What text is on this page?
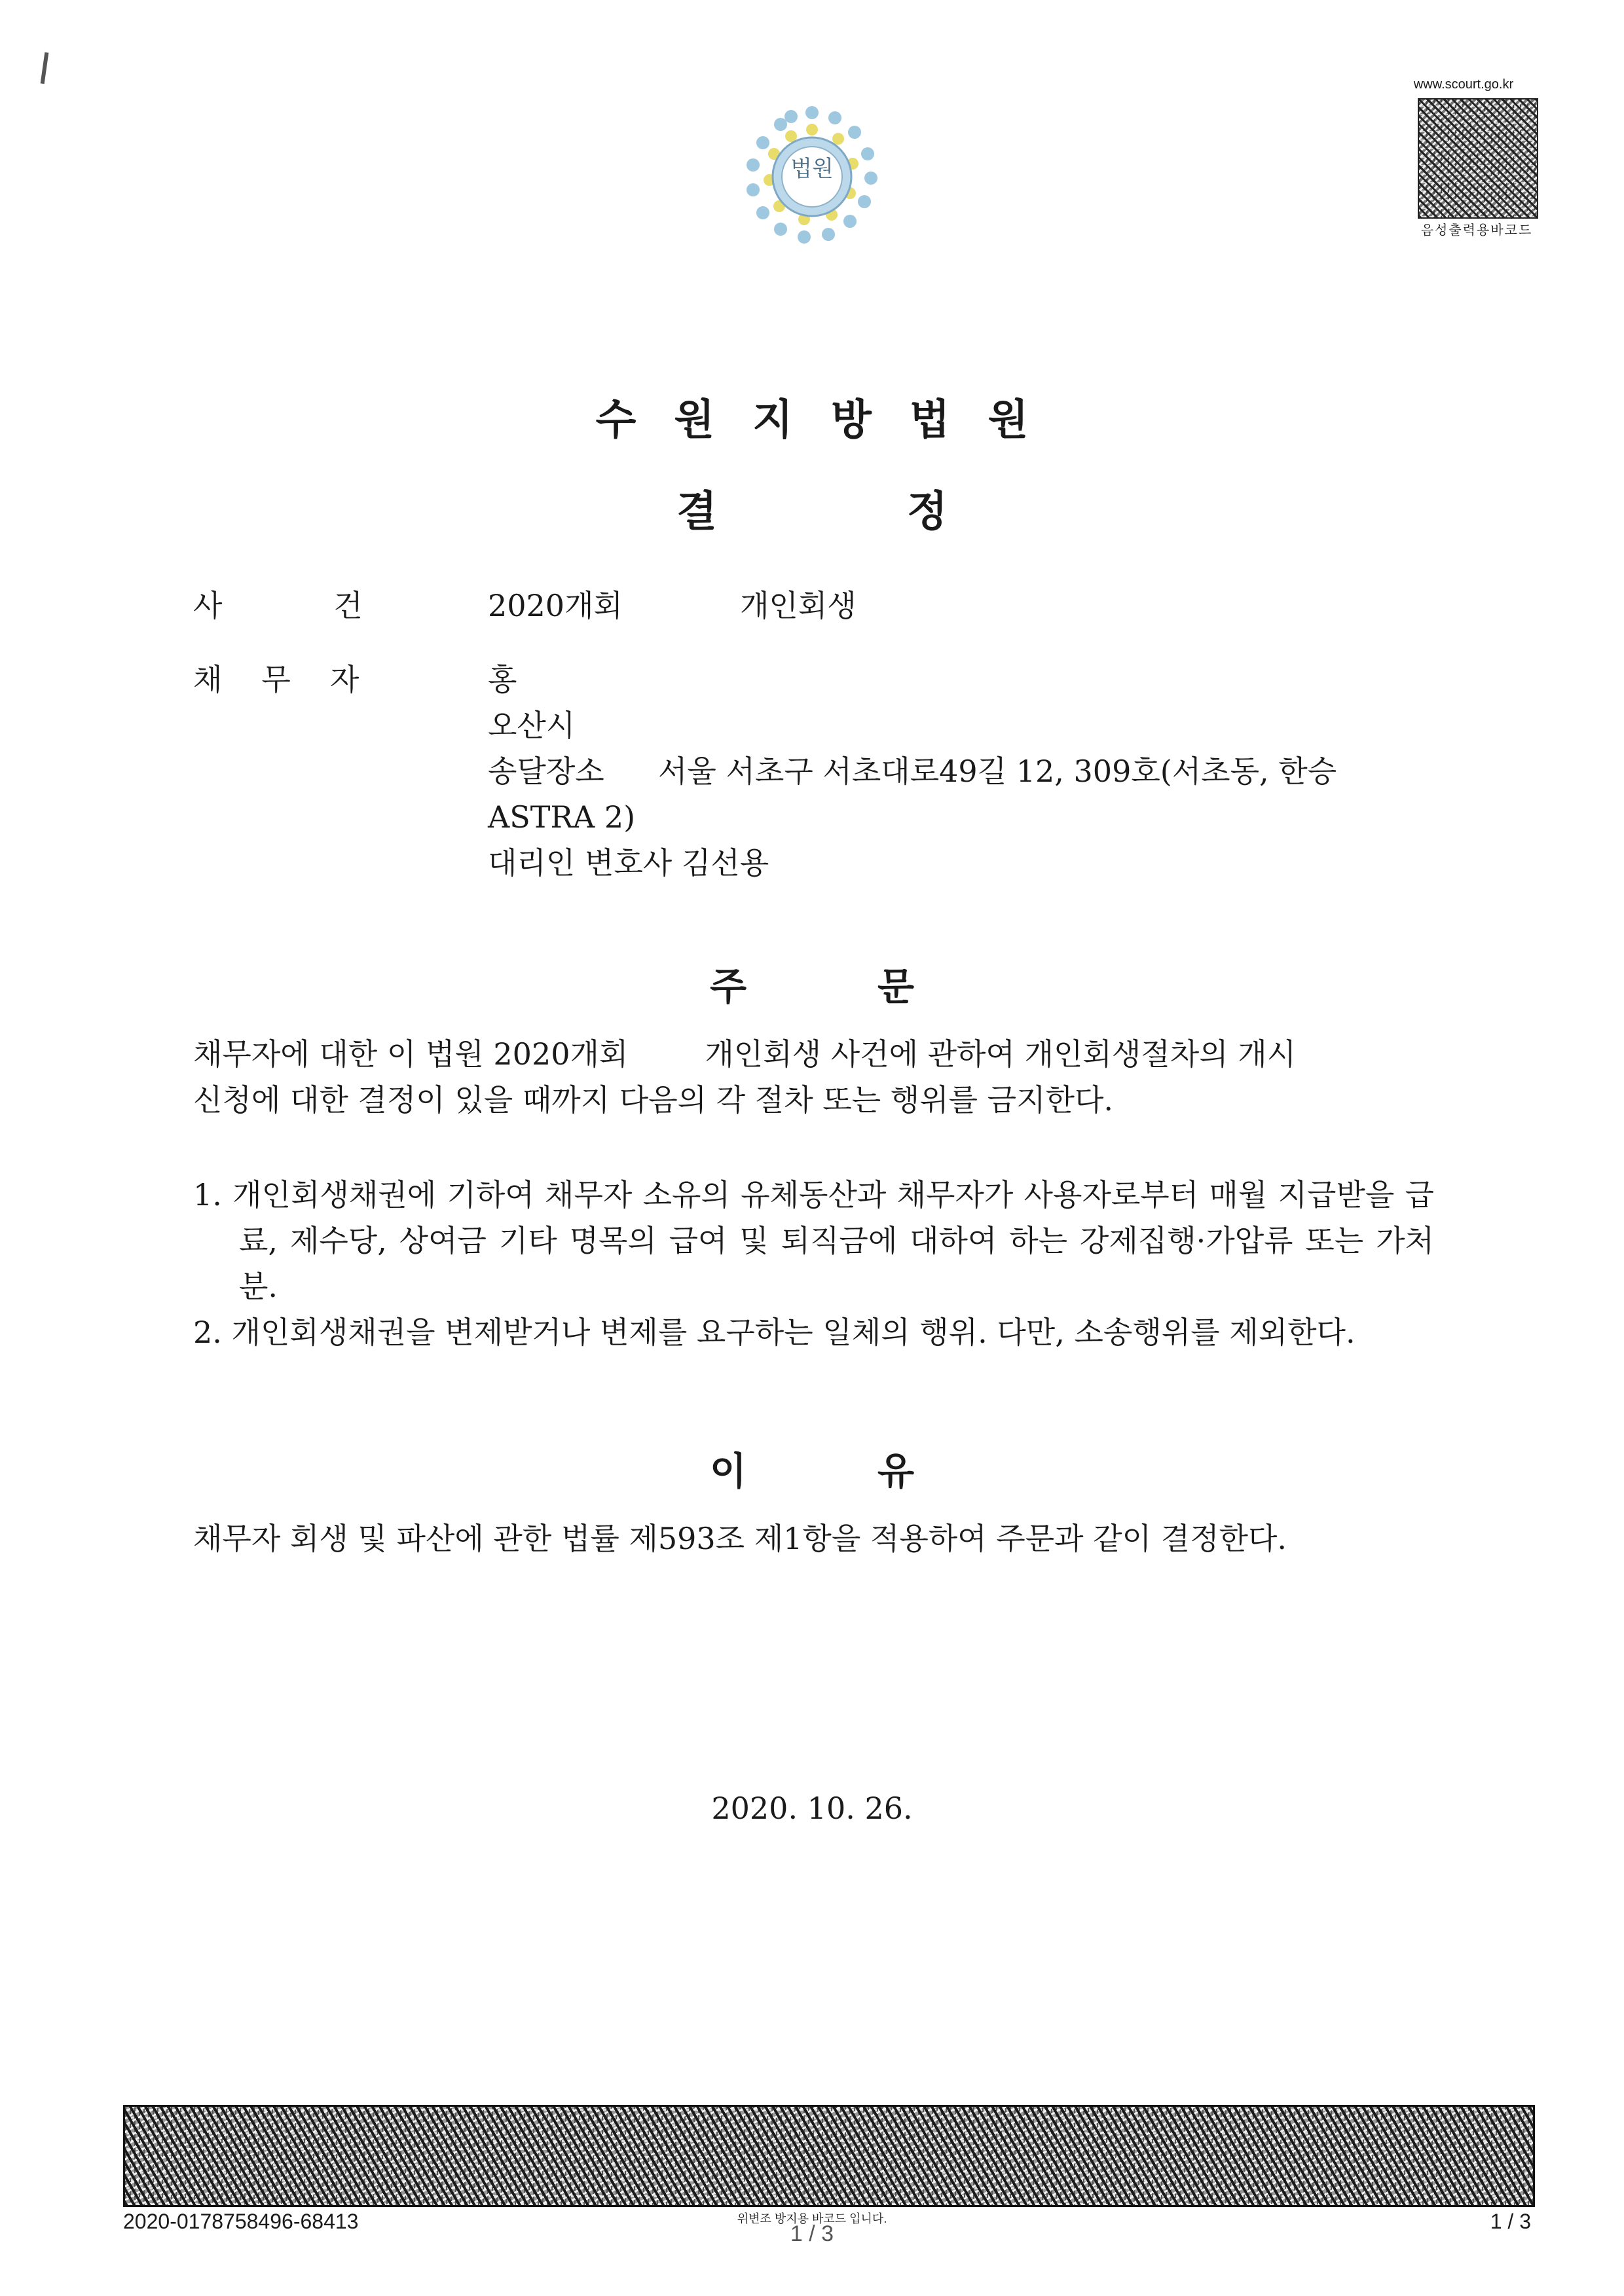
법원
www.scourt.go.kr
음성출력용바코드
수원지방법원
결정
사건 2020개회	개인회생
채무자	홍
오산시
송달장소 서울 서초구 서초대로49길 12, 309호(서초동, 한승
ASTRA 2)
대리인 변호사 김선용
주문
채무자에 대한 이 법원 2020개회        개인회생 사건에 관하여 개인회생절차의 개시
신청에 대한 결정이 있을 때까지 다음의 각 절차 또는 행위를 금지한다.
1. 개인회생채권에 기하여 채무자 소유의 유체동산과 채무자가 사용자로부터 매월 지급받을 급료, 제수당, 상여금 기타 명목의 급여 및 퇴직금에 대하여 하는 강제집행·가압류 또는 가처분.
2. 개인회생채권을 변제받거나 변제를 요구하는 일체의 행위. 다만, 소송행위를 제외한다.
이유
채무자 회생 및 파산에 관한 법률 제593조 제1항을 적용하여 주문과 같이 결정한다.
2020. 10. 26.
2020-0178758496-68413	위변조 방지용 바코드 입니다.
1 / 3	1 / 3
